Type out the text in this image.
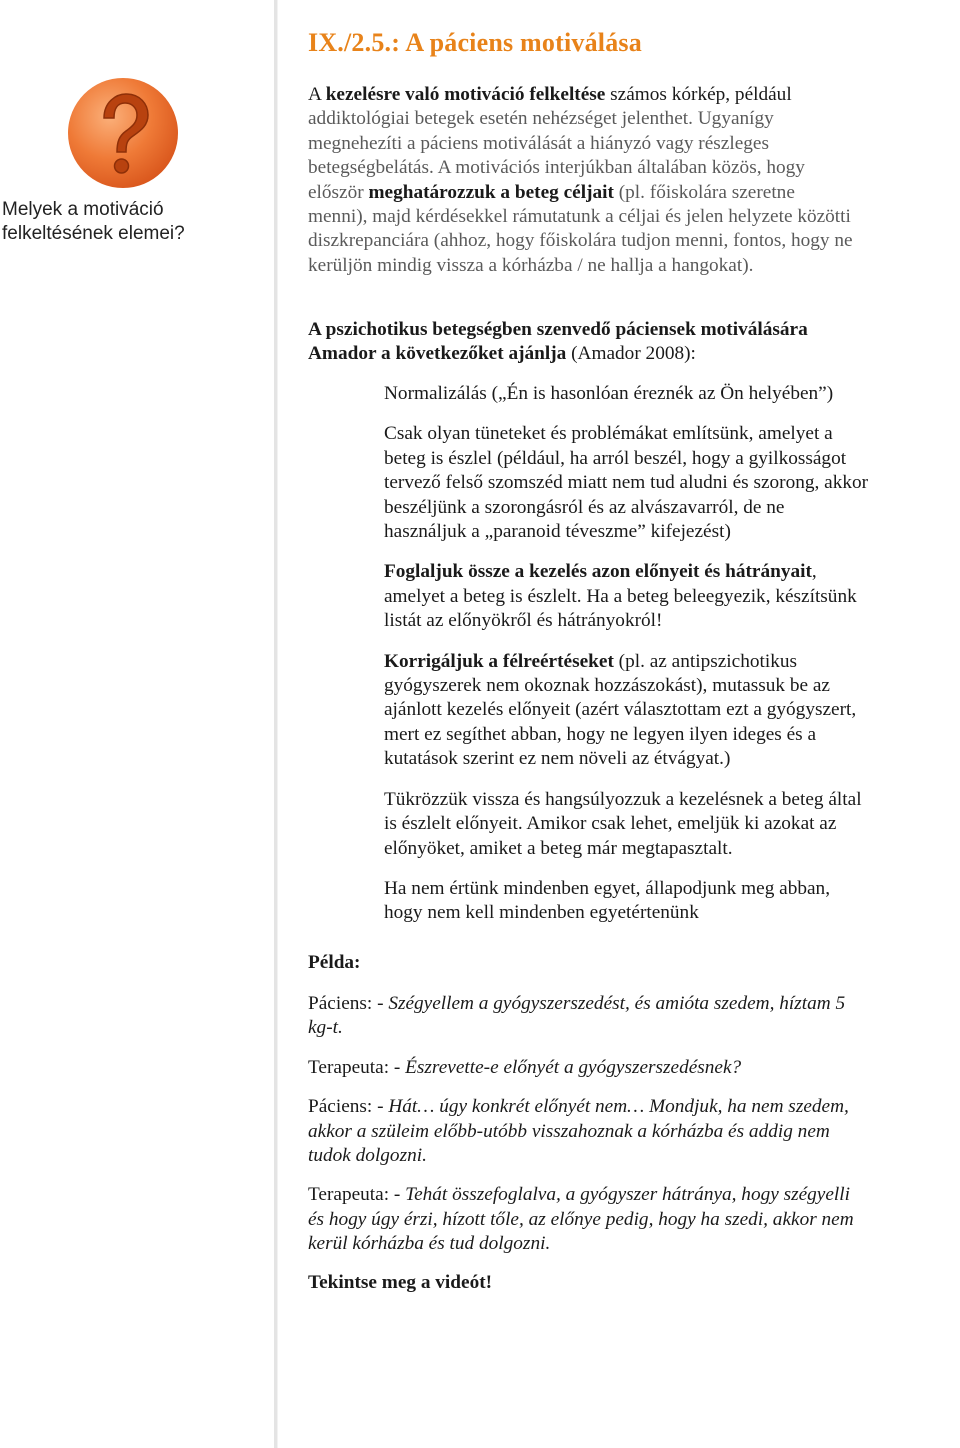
Melyek a motiváció
felkeltésének elemei?
IX./2.5.: A páciens motiválása
A kezelésre való motiváció felkeltése számos kórkép, például
addiktológiai betegek esetén nehézséget jelenthet. Ugyanígy
megnehezíti a páciens motiválását a hiányzó vagy részleges
betegségbelátás. A motivációs interjúkban általában közös, hogy
először meghatározzuk a beteg céljait (pl. főiskolára szeretne
menni), majd kérdésekkel rámutatunk a céljai és jelen helyzete közötti
diszkrepanciára (ahhoz, hogy főiskolára tudjon menni, fontos, hogy ne
kerüljön mindig vissza a kórházba / ne hallja a hangokat).
A pszichotikus betegségben szenvedő páciensek motiválására
Amador a következőket ajánlja (Amador 2008):
Normalizálás („Én is hasonlóan éreznék az Ön helyében”)
Csak olyan tüneteket és problémákat említsünk, amelyet a
beteg is észlel (például, ha arról beszél, hogy a gyilkosságot
tervező felső szomszéd miatt nem tud aludni és szorong, akkor
beszéljünk a szorongásról és az alvászavarról, de ne
használjuk a „paranoid téveszme” kifejezést)
Foglaljuk össze a kezelés azon előnyeit és hátrányait,
amelyet a beteg is észlelt. Ha a beteg beleegyezik, készítsünk
listát az előnyökről és hátrányokról!
Korrigáljuk a félreértéseket (pl. az antipszichotikus
gyógyszerek nem okoznak hozzászokást), mutassuk be az
ajánlott kezelés előnyeit (azért választottam ezt a gyógyszert,
mert ez segíthet abban, hogy ne legyen ilyen ideges és a
kutatások szerint ez nem növeli az étvágyat.)
Tükrözzük vissza és hangsúlyozzuk a kezelésnek a beteg által
is észlelt előnyeit. Amikor csak lehet, emeljük ki azokat az
előnyöket, amiket a beteg már megtapasztalt.
Ha nem értünk mindenben egyet, állapodjunk meg abban,
hogy nem kell mindenben egyetértenünk
Példa:
Páciens: - Szégyellem a gyógyszerszedést, és amióta szedem, híztam 5
kg-t.
Terapeuta: - Észrevette-e előnyét a gyógyszerszedésnek?
Páciens: - Hát… úgy konkrét előnyét nem… Mondjuk, ha nem szedem,
akkor a szüleim előbb-utóbb visszahoznak a kórházba és addig nem
tudok dolgozni.
Terapeuta: - Tehát összefoglalva, a gyógyszer hátránya, hogy szégyelli
és hogy úgy érzi, hízott tőle, az előnye pedig, hogy ha szedi, akkor nem
kerül kórházba és tud dolgozni.
Tekintse meg a videót!
